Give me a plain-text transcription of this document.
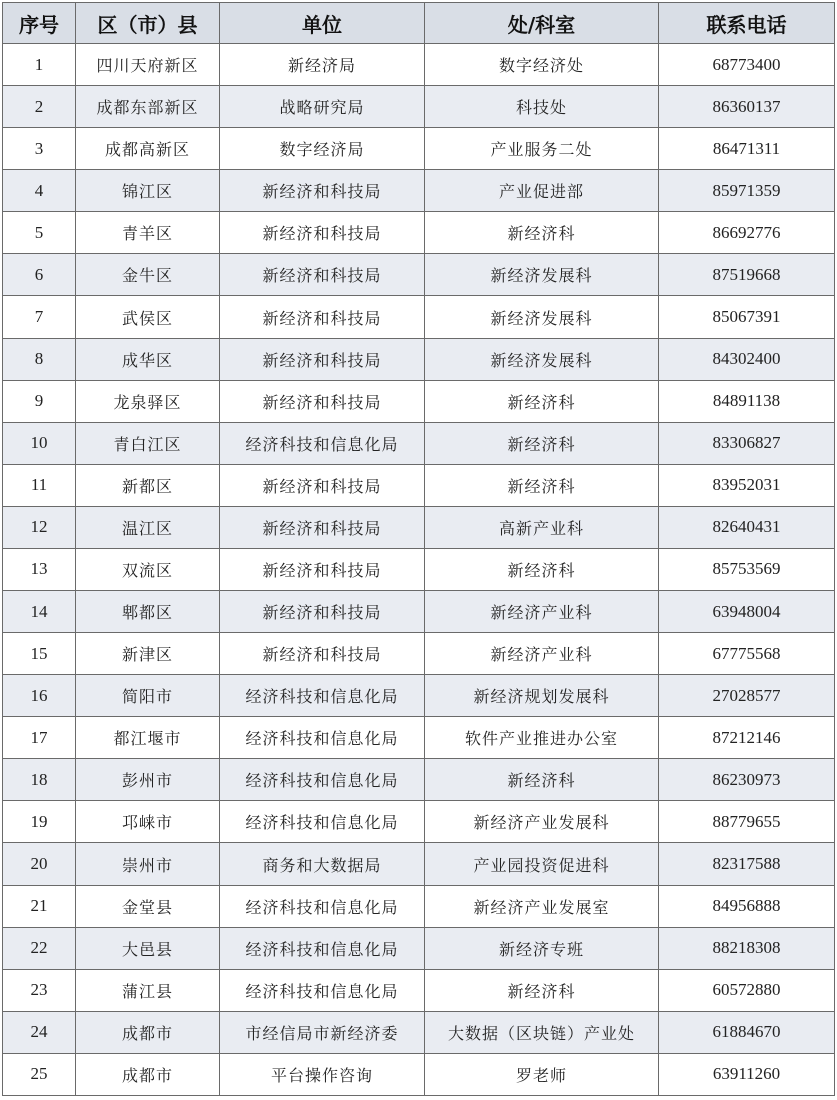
序号	区（市）县	单位	处/科室	联系电话
1	四川天府新区	新经济局	数字经济处	68773400
2	成都东部新区	战略研究局	科技处	86360137
3	成都高新区	数字经济局	产业服务二处	86471311
4	锦江区	新经济和科技局	产业促进部	85971359
5	青羊区	新经济和科技局	新经济科	86692776
6	金牛区	新经济和科技局	新经济发展科	87519668
7	武侯区	新经济和科技局	新经济发展科	85067391
8	成华区	新经济和科技局	新经济发展科	84302400
9	龙泉驿区	新经济和科技局	新经济科	84891138
10	青白江区	经济科技和信息化局	新经济科	83306827
11	新都区	新经济和科技局	新经济科	83952031
12	温江区	新经济和科技局	高新产业科	82640431
13	双流区	新经济和科技局	新经济科	85753569
14	郫都区	新经济和科技局	新经济产业科	63948004
15	新津区	新经济和科技局	新经济产业科	67775568
16	简阳市	经济科技和信息化局	新经济规划发展科	27028577
17	都江堰市	经济科技和信息化局	软件产业推进办公室	87212146
18	彭州市	经济科技和信息化局	新经济科	86230973
19	邛崃市	经济科技和信息化局	新经济产业发展科	88779655
20	崇州市	商务和大数据局	产业园投资促进科	82317588
21	金堂县	经济科技和信息化局	新经济产业发展室	84956888
22	大邑县	经济科技和信息化局	新经济专班	88218308
23	蒲江县	经济科技和信息化局	新经济科	60572880
24	成都市	市经信局市新经济委	大数据（区块链）产业处	61884670
25	成都市	平台操作咨询	罗老师	63911260
